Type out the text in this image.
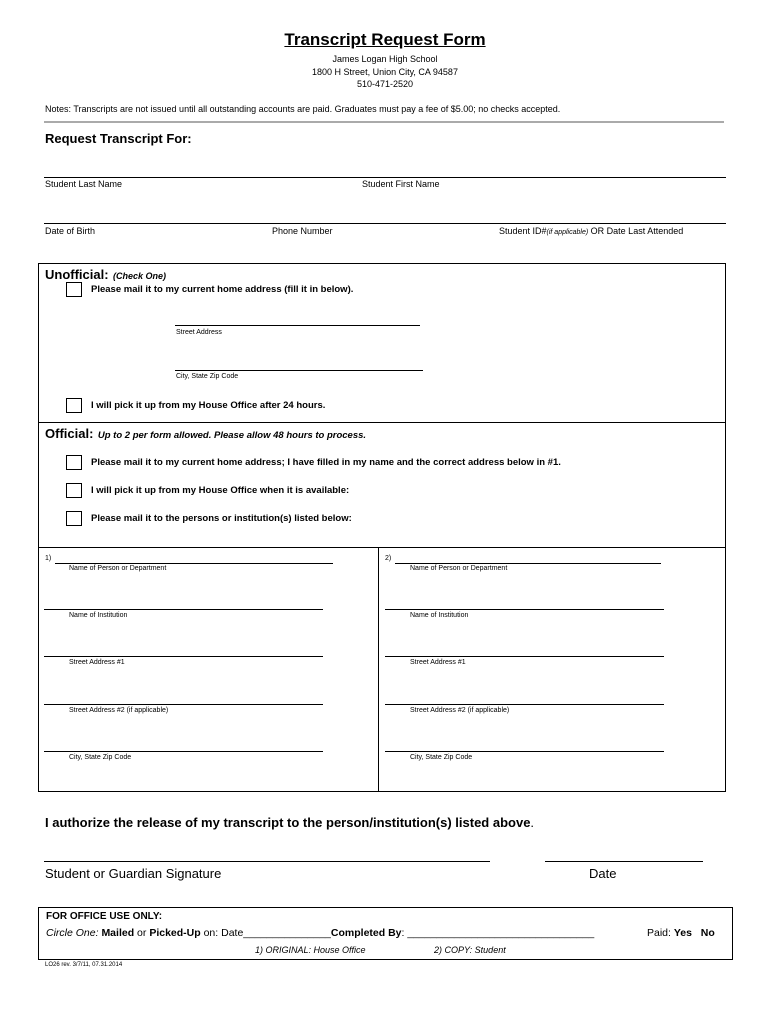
Transcript Request Form
James Logan High School
1800 H Street, Union City, CA 94587
510-471-2520
Notes: Transcripts are not issued until all outstanding accounts are paid. Graduates must pay a fee of $5.00; no checks accepted.
Request Transcript For:
Student Last Name	Student First Name
Date of Birth	Phone Number	Student ID#(if applicable) OR Date Last Attended
Unofficial: (Check One)
Please mail it to my current home address (fill it in below).
Street Address
City, State Zip Code
I will pick it up from my House Office after 24 hours.
Official: Up to 2 per form allowed. Please allow 48 hours to process.
Please mail it to my current home address; I have filled in my name and the correct address below in #1.
I will pick it up from my House Office when it is available:
Please mail it to the persons or institution(s) listed below:
1)
Name of Person or Department
Name of Institution
Street Address #1
Street Address #2 (if applicable)
City, State Zip Code
2)
Name of Person or Department
Name of Institution
Street Address #1
Street Address #2 (if applicable)
City, State Zip Code
I authorize the release of my transcript to the person/institution(s) listed above.
Student or Guardian Signature	Date
FOR OFFICE USE ONLY:
Circle One: Mailed or Picked-Up on: Date_______________Completed By: ________________________________	Paid: Yes No
1) ORIGINAL: House Office	2) COPY: Student
LO26 rev. 3/7/11, 07.31.2014
